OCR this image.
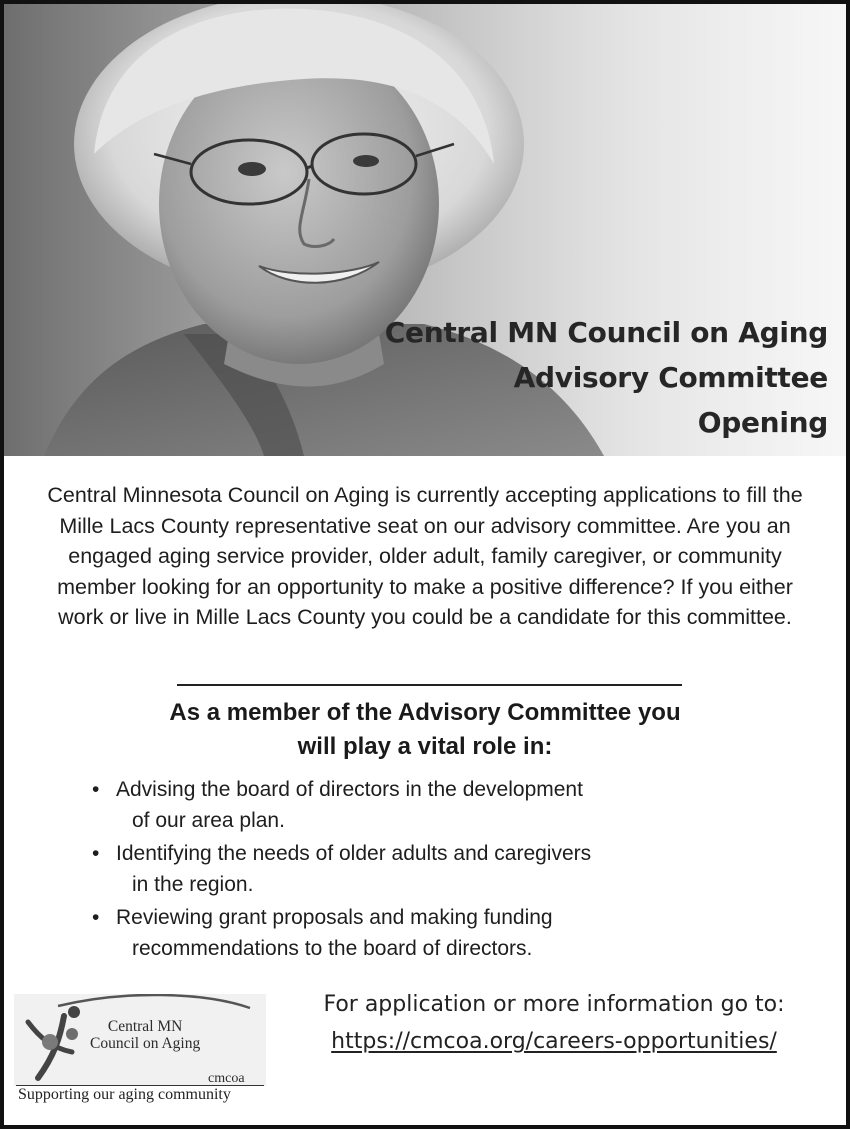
Central MN Council on Aging
Advisory Committee
Opening

Central Minnesota Council on Aging is currently accepting applications to fill the Mille Lacs County representative seat on our advisory committee. Are you an engaged aging service provider, older adult, family caregiver, or community member looking for an opportunity to make a positive difference? If you either work or live in Mille Lacs County you could be a candidate for this committee.

As a member of the Advisory Committee you
will play a vital role in:
• Advising the board of directors in the development
of our area plan.
• Identifying the needs of older adults and caregivers
in the region.
• Reviewing grant proposals and making funding
recommendations to the board of directors.
Central MN
Council on Aging
cmcoa
Supporting our aging community
For application or more information go to:
https://cmcoa.org/careers-opportunities/
